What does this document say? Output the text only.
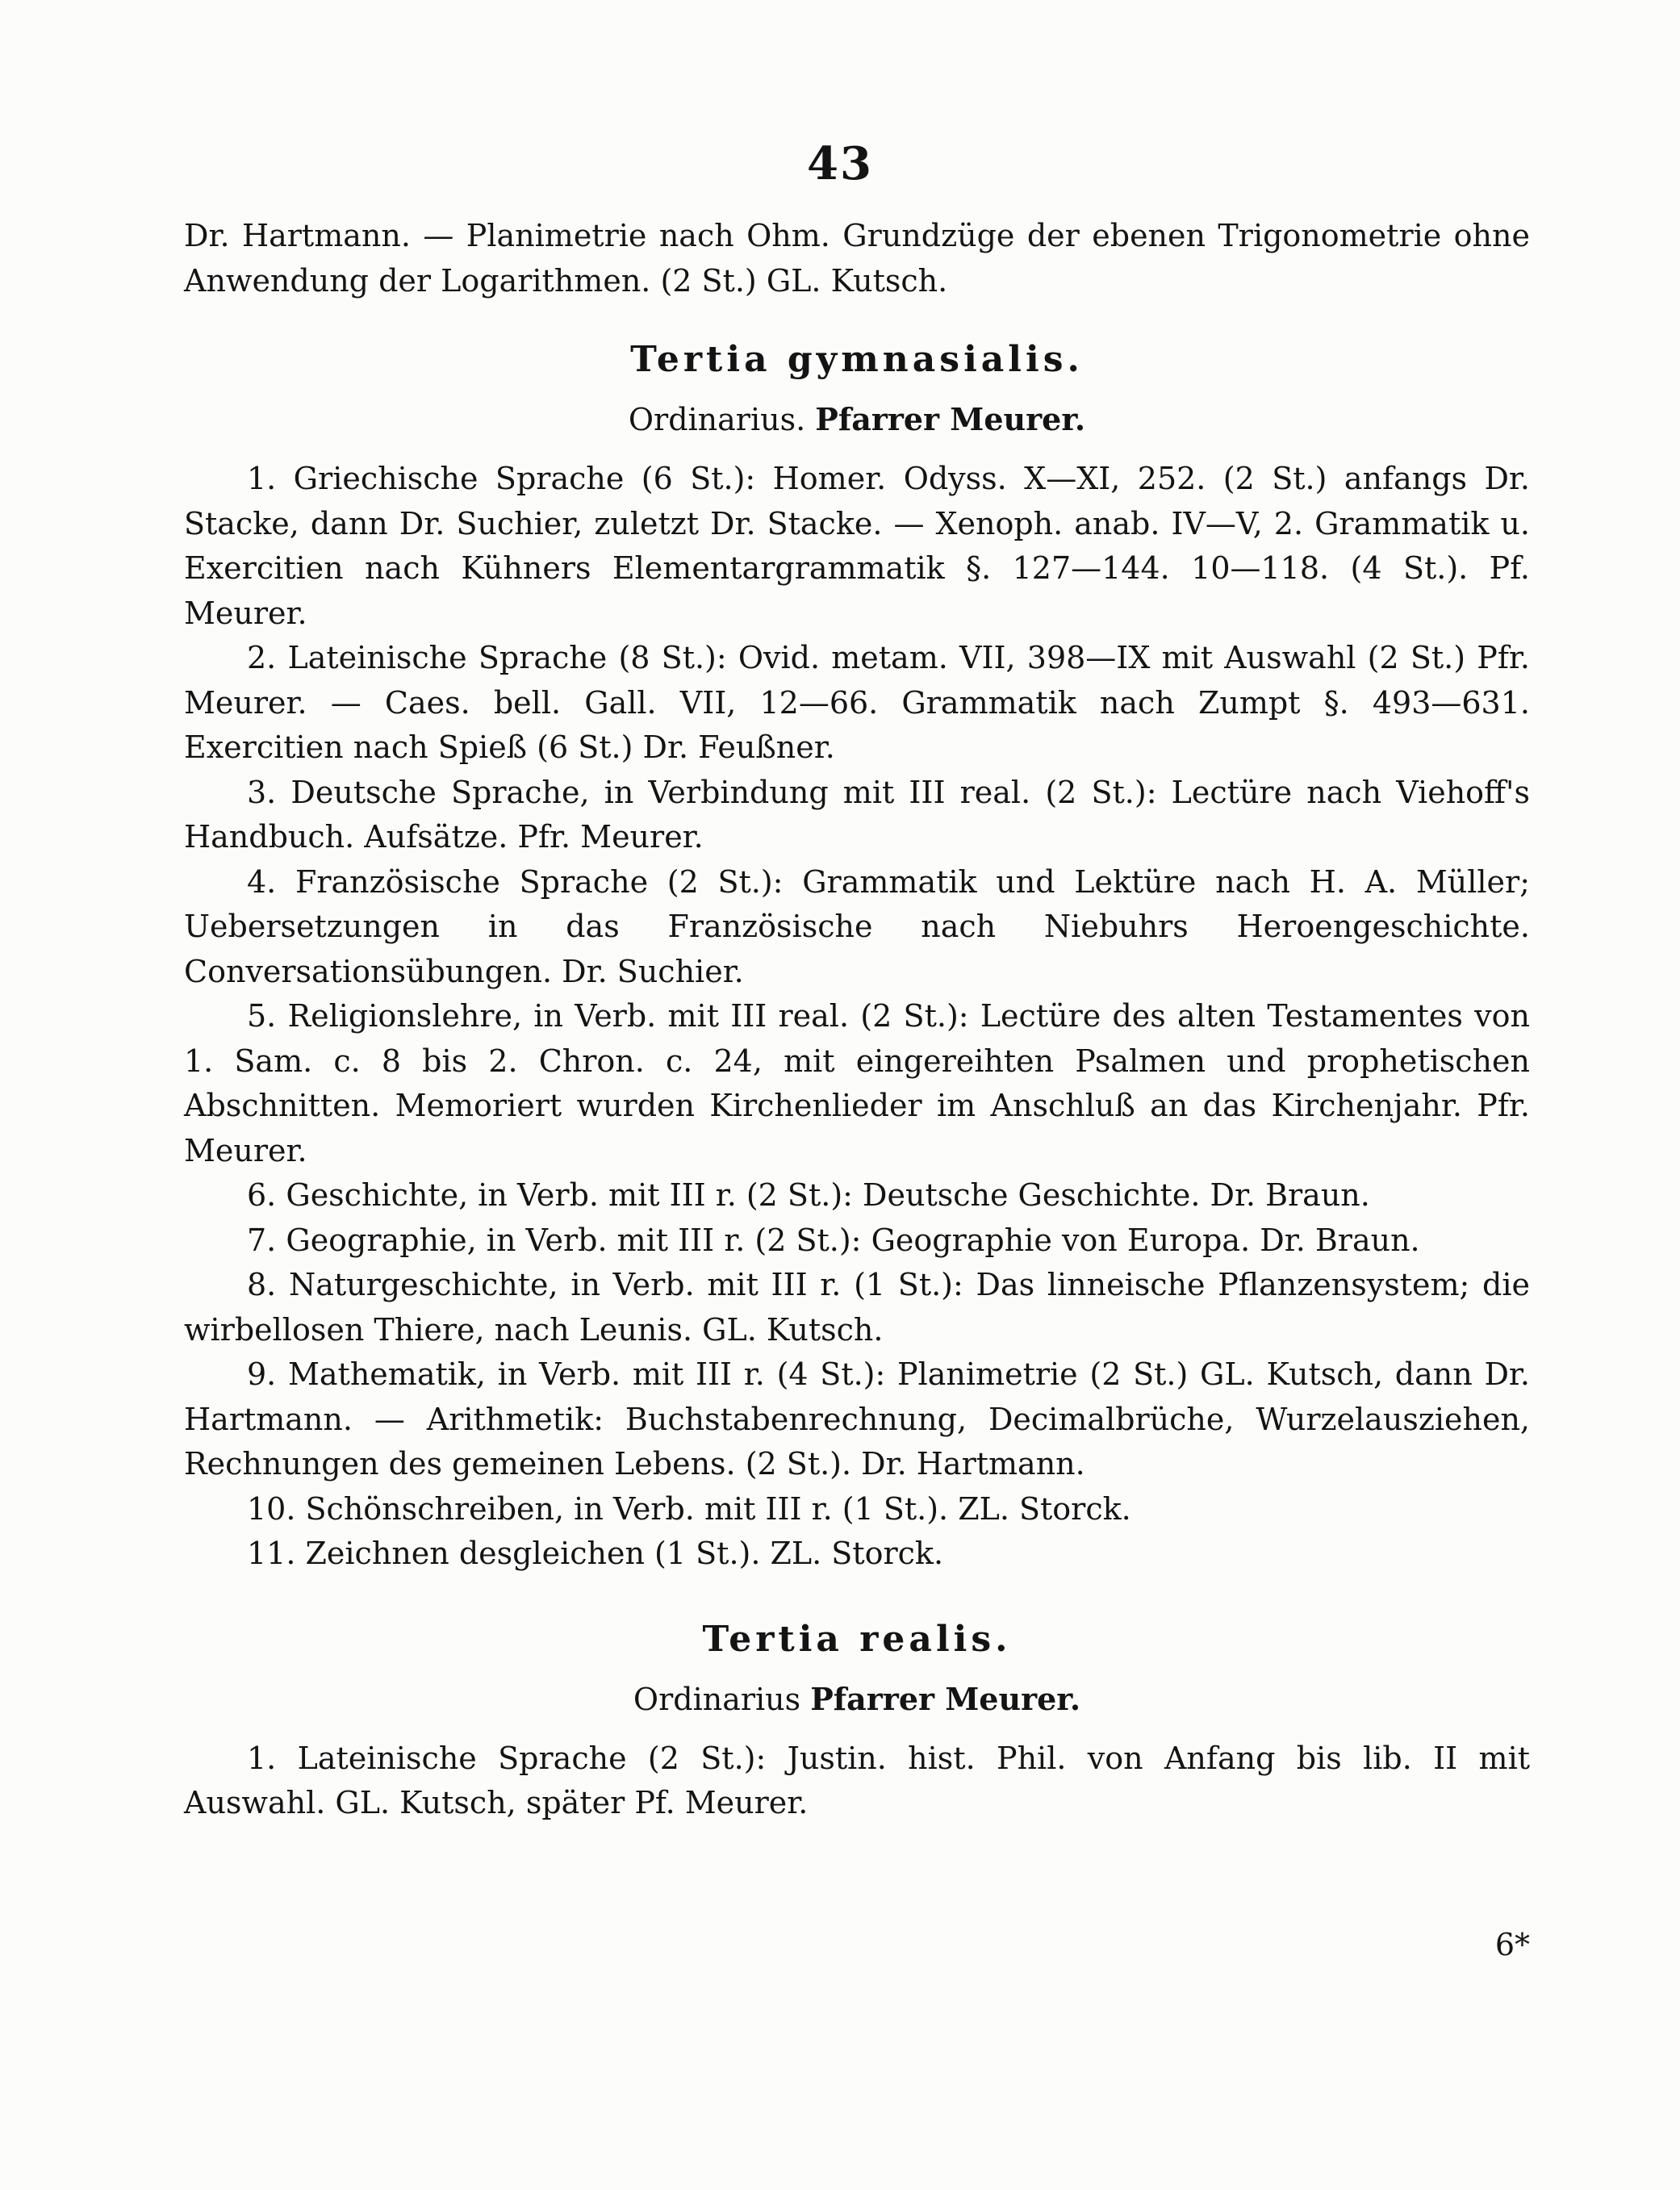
43

Dr. Hartmann. — Planimetrie nach Ohm. Grundzüge der ebenen Trigonometrie ohne Anwendung der Logarithmen. (2 St.) GL. Kutsch.

Tertia gymnasialis.
Ordinarius. Pfarrer Meurer.

1. Griechische Sprache (6 St.): Homer. Odyss. X—XI, 252. (2 St.) anfangs Dr. Stacke, dann Dr. Suchier, zuletzt Dr. Stacke. — Xenoph. anab. IV—V, 2. Grammatik u. Exercitien nach Kühners Elementargrammatik §. 127—144. 10—118. (4 St.). Pf. Meurer.

2. Lateinische Sprache (8 St.): Ovid. metam. VII, 398—IX mit Auswahl (2 St.) Pfr. Meurer. — Caes. bell. Gall. VII, 12—66. Grammatik nach Zumpt §. 493—631. Exercitien nach Spieß (6 St.) Dr. Feußner.

3. Deutsche Sprache, in Verbindung mit III real. (2 St.): Lectüre nach Viehoff's Handbuch. Aufsätze. Pfr. Meurer.

4. Französische Sprache (2 St.): Grammatik und Lektüre nach H. A. Müller; Uebersetzungen in das Französische nach Niebuhrs Heroengeschichte. Conversationsübungen. Dr. Suchier.

5. Religionslehre, in Verb. mit III real. (2 St.): Lectüre des alten Testamentes von 1. Sam. c. 8 bis 2. Chron. c. 24, mit eingereihten Psalmen und prophetischen Abschnitten. Memoriert wurden Kirchenlieder im Anschluß an das Kirchenjahr. Pfr. Meurer.

6. Geschichte, in Verb. mit III r. (2 St.): Deutsche Geschichte. Dr. Braun.

7. Geographie, in Verb. mit III r. (2 St.): Geographie von Europa. Dr. Braun.

8. Naturgeschichte, in Verb. mit III r. (1 St.): Das linneische Pflanzensystem; die wirbellosen Thiere, nach Leunis. GL. Kutsch.

9. Mathematik, in Verb. mit III r. (4 St.): Planimetrie (2 St.) GL. Kutsch, dann Dr. Hartmann. — Arithmetik: Buchstabenrechnung, Decimalbrüche, Wurzelausziehen, Rechnungen des gemeinen Lebens. (2 St.). Dr. Hartmann.

10. Schönschreiben, in Verb. mit III r. (1 St.). ZL. Storck.

11. Zeichnen desgleichen (1 St.). ZL. Storck.

Tertia realis.
Ordinarius Pfarrer Meurer.

1. Lateinische Sprache (2 St.): Justin. hist. Phil. von Anfang bis lib. II mit Auswahl. GL. Kutsch, später Pf. Meurer.

6*
